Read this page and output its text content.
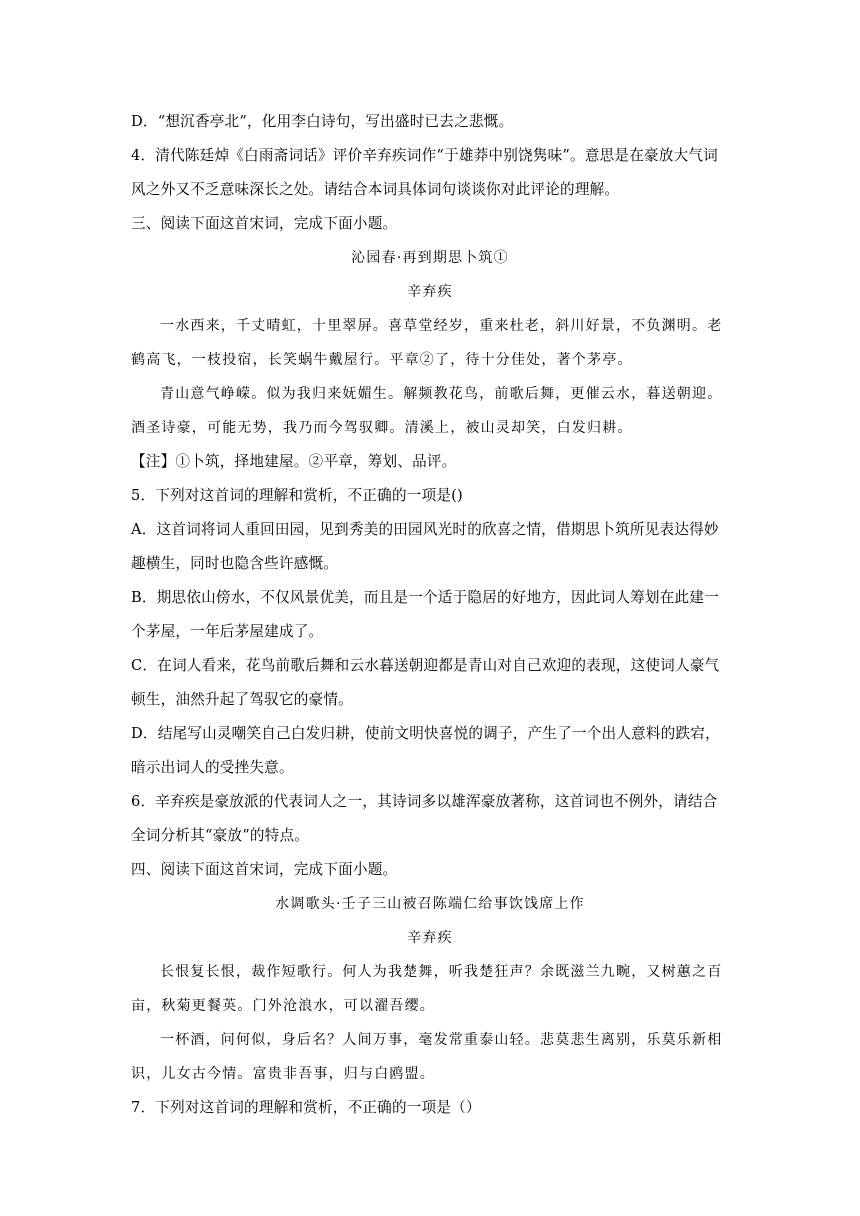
D．“想沉香亭北”，化用李白诗句，写出盛时已去之悲慨。
4．清代陈廷焯《白雨斋词话》评价辛弃疾词作“于雄莽中别饶隽味”。意思是在豪放大气词
风之外又不乏意味深长之处。请结合本词具体词句谈谈你对此评论的理解。
三、阅读下面这首宋词，完成下面小题。
沁园春·再到期思卜筑①
辛弃疾
一水西来，千丈晴虹，十里翠屏。喜草堂经岁，重来杜老，斜川好景，不负渊明。老
鹤高飞，一枝投宿，长笑蜗牛戴屋行。平章②了，待十分佳处，著个茅亭。
青山意气峥嵘。似为我归来妩媚生。解频教花鸟，前歌后舞，更催云水，暮送朝迎。
酒圣诗豪，可能无势，我乃而今驾驭卿。清溪上，被山灵却笑，白发归耕。
【注】①卜筑，择地建屋。②平章，筹划、品评。
5．下列对这首词的理解和赏析，不正确的一项是()
A．这首词将词人重回田园，见到秀美的田园风光时的欣喜之情，借期思卜筑所见表达得妙
趣横生，同时也隐含些许感慨。
B．期思依山傍水，不仅风景优美，而且是一个适于隐居的好地方，因此词人筹划在此建一
个茅屋，一年后茅屋建成了。
C．在词人看来，花鸟前歌后舞和云水暮送朝迎都是青山对自己欢迎的表现，这使词人豪气
顿生，油然升起了驾驭它的豪情。
D．结尾写山灵嘲笑自己白发归耕，使前文明快喜悦的调子，产生了一个出人意料的跌宕，
暗示出词人的受挫失意。
6．辛弃疾是豪放派的代表词人之一，其诗词多以雄浑豪放著称，这首词也不例外，请结合
全词分析其“豪放”的特点。
四、阅读下面这首宋词，完成下面小题。
水调歌头·壬子三山被召陈端仁给事饮饯席上作
辛弃疾
长恨复长恨，裁作短歌行。何人为我楚舞，听我楚狂声？余既滋兰九畹，又树蕙之百
亩，秋菊更餐英。门外沧浪水，可以濯吾缨。
一杯酒，问何似，身后名？人间万事，毫发常重泰山轻。悲莫悲生离别，乐莫乐新相
识，儿女古今情。富贵非吾事，归与白鸥盟。
7．下列对这首词的理解和赏析，不正确的一项是（）
